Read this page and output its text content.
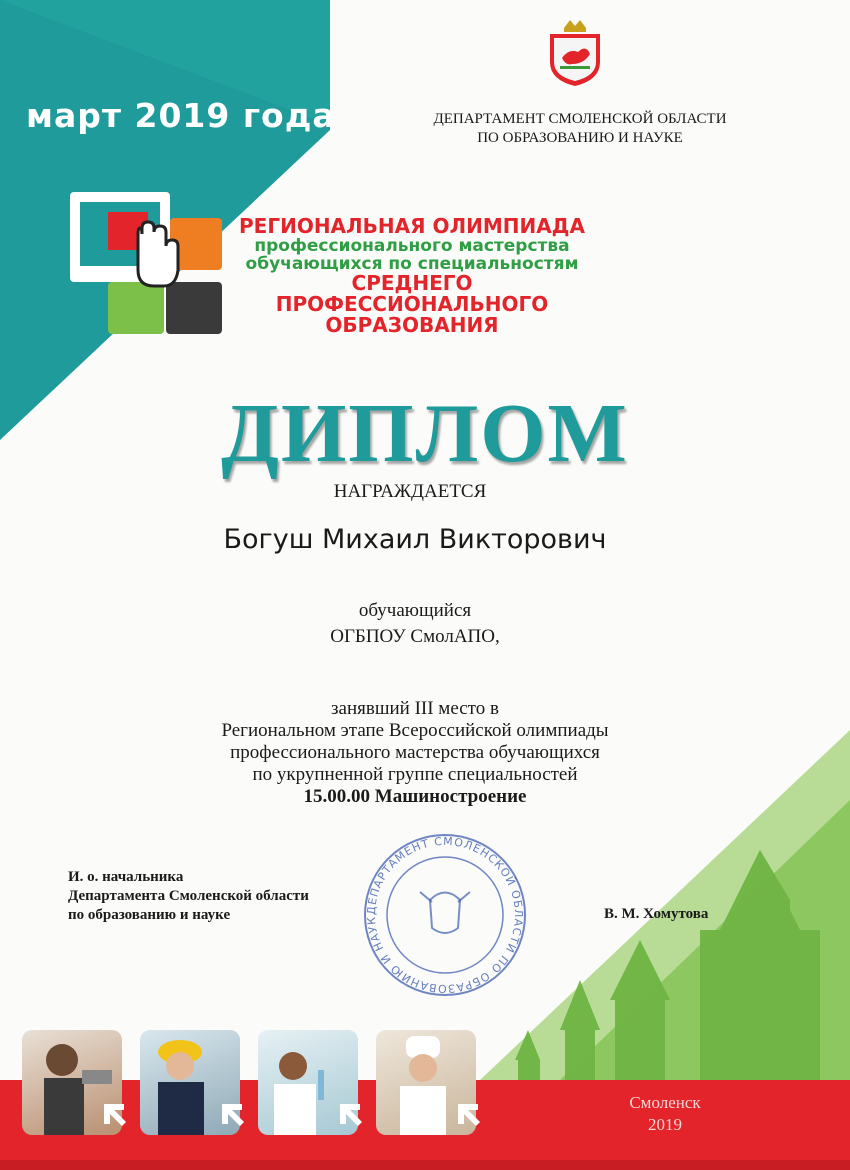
ДЕПАРТАМЕНТ СМОЛЕНСКОЙ ОБЛАСТИ
ПО ОБРАЗОВАНИЮ И НАУКЕ
март 2019 года
РЕГИОНАЛЬНАЯ ОЛИМПИАДА
профессионального мастерства
обучающихся по специальностям
СРЕДНЕГО ПРОФЕССИОНАЛЬНОГО
ОБРАЗОВАНИЯ
ДИПЛОМ
НАГРАЖДАЕТСЯ
Богуш Михаил Викторович
обучающийся
ОГБПОУ СмолАПО,
занявший III место в
Региональном этапе Всероссийской олимпиады
профессионального мастерства обучающихся
по укрупненной группе специальностей
15.00.00 Машиностроение
ДЕПАРТАМЕНТ СМОЛЕНСКОЙ ОБЛАСТИ ПО ОБРАЗОВАНИЮ И НАУК
И. о. начальника
Департамента Смоленской области
по образованию и науке	В. М. Хомутова
Смоленск
2019
